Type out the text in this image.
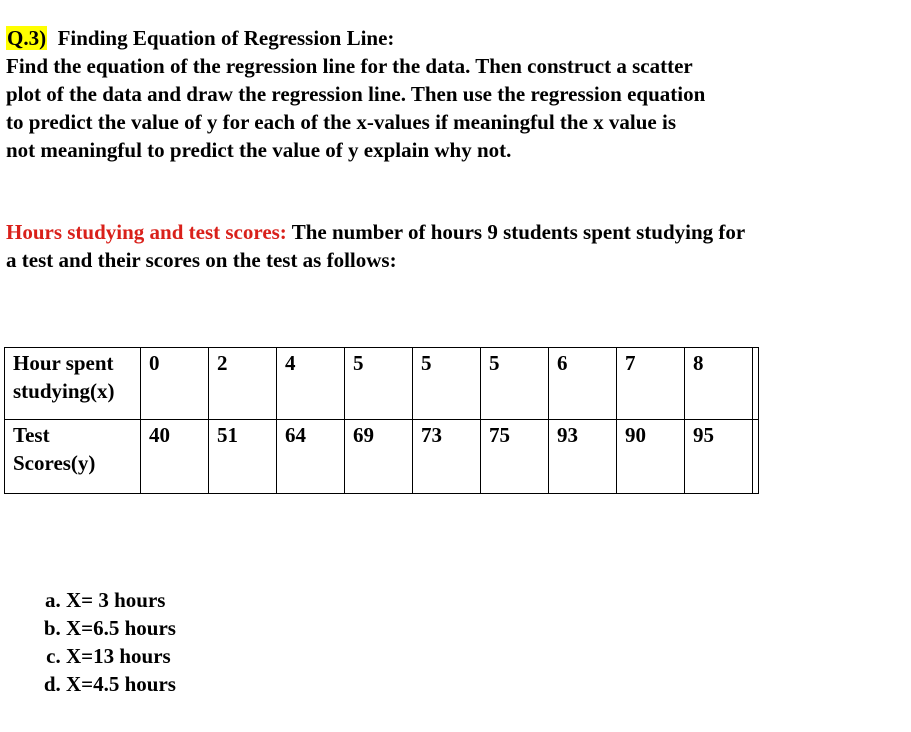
Q.3) Finding Equation of Regression Line:
Find the equation of the regression line for the data. Then construct a scatter
plot of the data and draw the regression line. Then use the regression equation
to predict the value of y for each of the x-values if meaningful the x value is
not meaningful to predict the value of y explain why not.
Hours studying and test scores: The number of hours 9 students spent studying for a test and their scores on the test as follows:
Hour spent studying(x)	0	2	4	5	5	5	6	7	8	
Test Scores(y)	40	51	64	69	73	75	93	90	95	
a. X= 3 hours
b. X=6.5 hours
c. X=13 hours
d. X=4.5 hours
